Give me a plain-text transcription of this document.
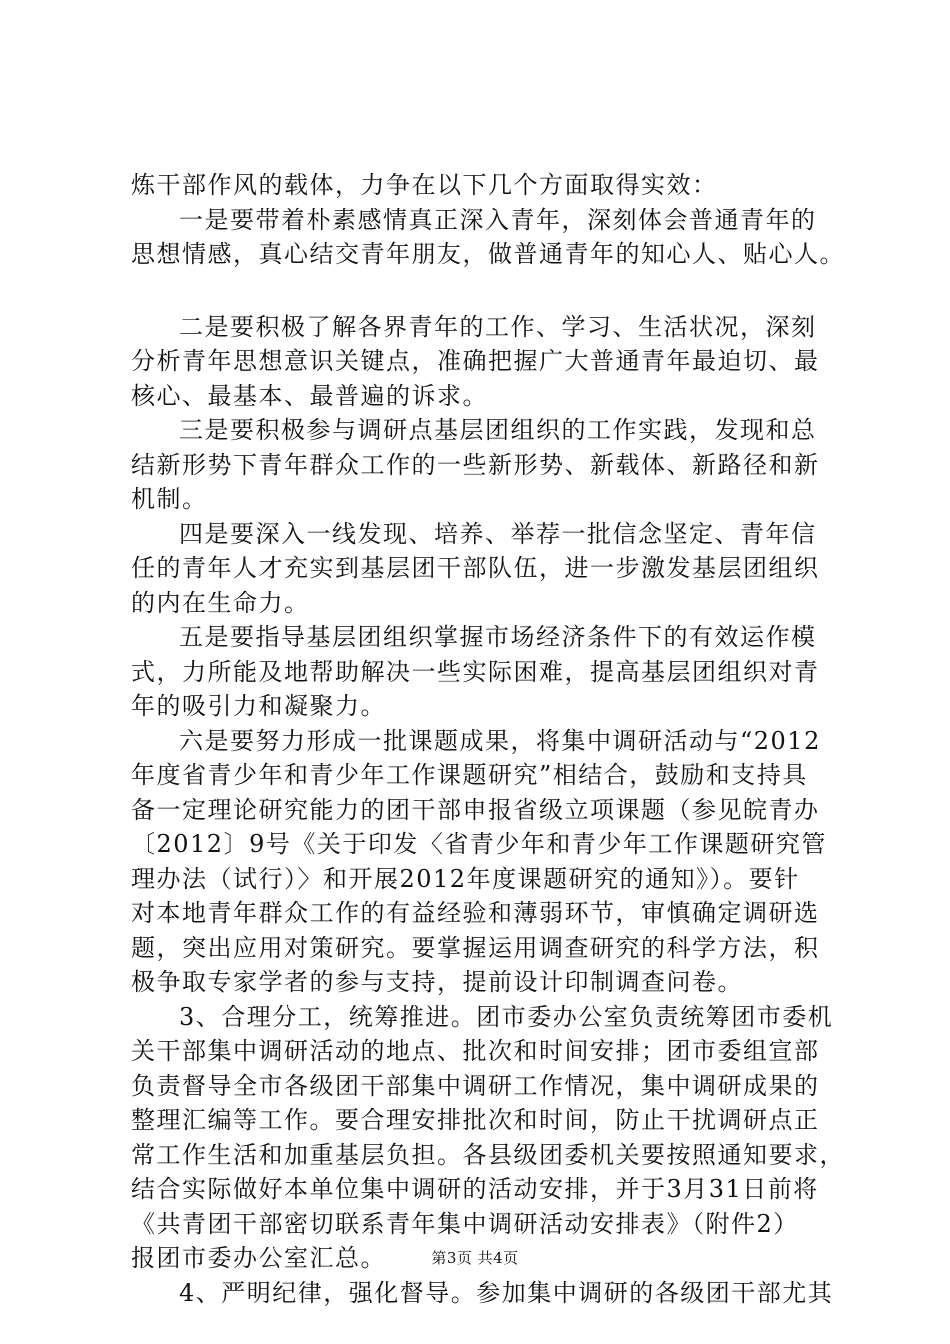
炼干部作风的载体，力争在以下几个方面取得实效：
一是要带着朴素感情真正深入青年，深刻体会普通青年的
思想情感，真心结交青年朋友，做普通青年的知心人、贴心人。
二是要积极了解各界青年的工作、学习、生活状况，深刻
分析青年思想意识关键点，准确把握广大普通青年最迫切、最
核心、最基本、最普遍的诉求。
三是要积极参与调研点基层团组织的工作实践，发现和总
结新形势下青年群众工作的一些新形势、新载体、新路径和新
机制。
四是要深入一线发现、培养、举荐一批信念坚定、青年信
任的青年人才充实到基层团干部队伍，进一步激发基层团组织
的内在生命力。
五是要指导基层团组织掌握市场经济条件下的有效运作模
式，力所能及地帮助解决一些实际困难，提高基层团组织对青
年的吸引力和凝聚力。
六是要努力形成一批课题成果，将集中调研活动与“2012
年度省青少年和青少年工作课题研究”相结合，鼓励和支持具
备一定理论研究能力的团干部申报省级立项课题（参见皖青办
〔2012〕9号《关于印发〈省青少年和青少年工作课题研究管
理办法（试行）〉和开展2012年度课题研究的通知》）。要针
对本地青年群众工作的有益经验和薄弱环节，审慎确定调研选
题，突出应用对策研究。要掌握运用调查研究的科学方法，积
极争取专家学者的参与支持，提前设计印制调查问卷。
3、合理分工，统筹推进。团市委办公室负责统筹团市委机
关干部集中调研活动的地点、批次和时间安排；团市委组宣部
负责督导全市各级团干部集中调研工作情况，集中调研成果的
整理汇编等工作。要合理安排批次和时间，防止干扰调研点正
常工作生活和加重基层负担。各县级团委机关要按照通知要求，
结合实际做好本单位集中调研的活动安排，并于3月31日前将
《共青团干部密切联系青年集中调研活动安排表》（附件2）
报团市委办公室汇总。
4、严明纪律，强化督导。参加集中调研的各级团干部尤其
第3页 共4页
